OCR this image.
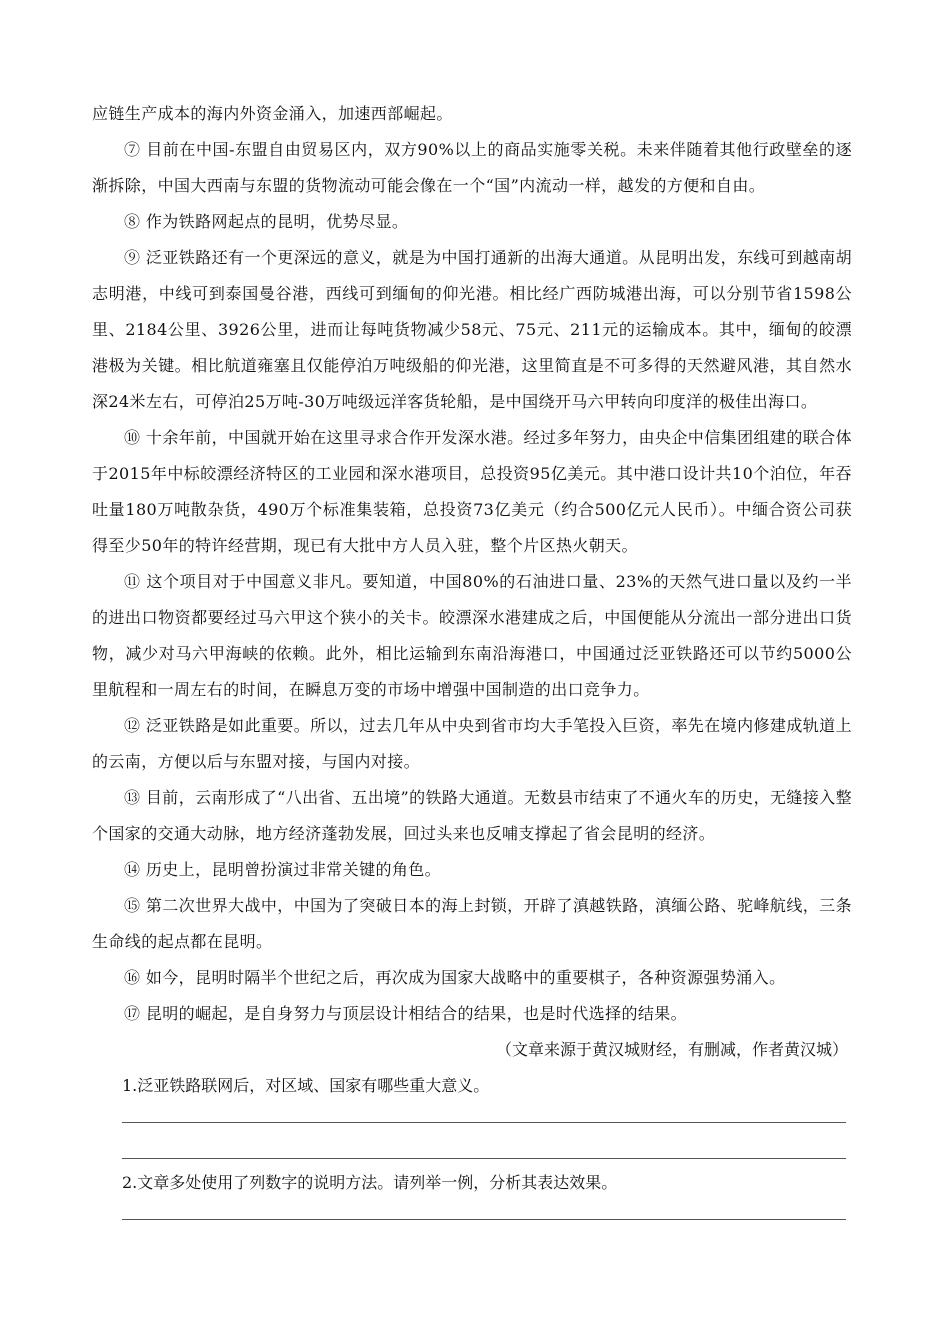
应链生产成本的海内外资金涌入，加速西部崛起。

⑦ 目前在中国-东盟自由贸易区内，双方90%以上的商品实施零关税。未来伴随着其他行政壁垒的逐渐拆除，中国大西南与东盟的货物流动可能会像在一个“国”内流动一样，越发的方便和自由。

⑧ 作为铁路网起点的昆明，优势尽显。

⑨ 泛亚铁路还有一个更深远的意义，就是为中国打通新的出海大通道。从昆明出发，东线可到越南胡志明港，中线可到泰国曼谷港，西线可到缅甸的仰光港。相比经广西防城港出海，可以分别节省1598公里、2184公里、3926公里，进而让每吨货物减少58元、75元、211元的运输成本。其中，缅甸的皎漂港极为关键。相比航道雍塞且仅能停泊万吨级船的仰光港，这里简直是不可多得的天然避风港，其自然水深24米左右，可停泊25万吨-30万吨级远洋客货轮船，是中国绕开马六甲转向印度洋的极佳出海口。

⑩ 十余年前，中国就开始在这里寻求合作开发深水港。经过多年努力，由央企中信集团组建的联合体于2015年中标皎漂经济特区的工业园和深水港项目，总投资95亿美元。其中港口设计共10个泊位，年吞吐量180万吨散杂货，490万个标准集装箱，总投资73亿美元（约合500亿元人民币）。中缅合资公司获得至少50年的特许经营期，现已有大批中方人员入驻，整个片区热火朝天。

⑪ 这个项目对于中国意义非凡。要知道，中国80%的石油进口量、23%的天然气进口量以及约一半的进出口物资都要经过马六甲这个狭小的关卡。皎漂深水港建成之后，中国便能从分流出一部分进出口货物，减少对马六甲海峡的依赖。此外，相比运输到东南沿海港口，中国通过泛亚铁路还可以节约5000公里航程和一周左右的时间，在瞬息万变的市场中增强中国制造的出口竞争力。

⑫ 泛亚铁路是如此重要。所以，过去几年从中央到省市均大手笔投入巨资，率先在境内修建成轨道上的云南，方便以后与东盟对接，与国内对接。

⑬ 目前，云南形成了“八出省、五出境”的铁路大通道。无数县市结束了不通火车的历史，无缝接入整个国家的交通大动脉，地方经济蓬勃发展，回过头来也反哺支撑起了省会昆明的经济。

⑭ 历史上，昆明曾扮演过非常关键的角色。

⑮ 第二次世界大战中，中国为了突破日本的海上封锁，开辟了滇越铁路，滇缅公路、驼峰航线，三条生命线的起点都在昆明。

⑯ 如今，昆明时隔半个世纪之后，再次成为国家大战略中的重要棋子，各种资源强势涌入。

⑰ 昆明的崛起，是自身努力与顶层设计相结合的结果，也是时代选择的结果。

（文章来源于黄汉城财经，有删减，作者黄汉城）

1.泛亚铁路联网后，对区域、国家有哪些重大意义。

2.文章多处使用了列数字的说明方法。请列举一例，分析其表达效果。
